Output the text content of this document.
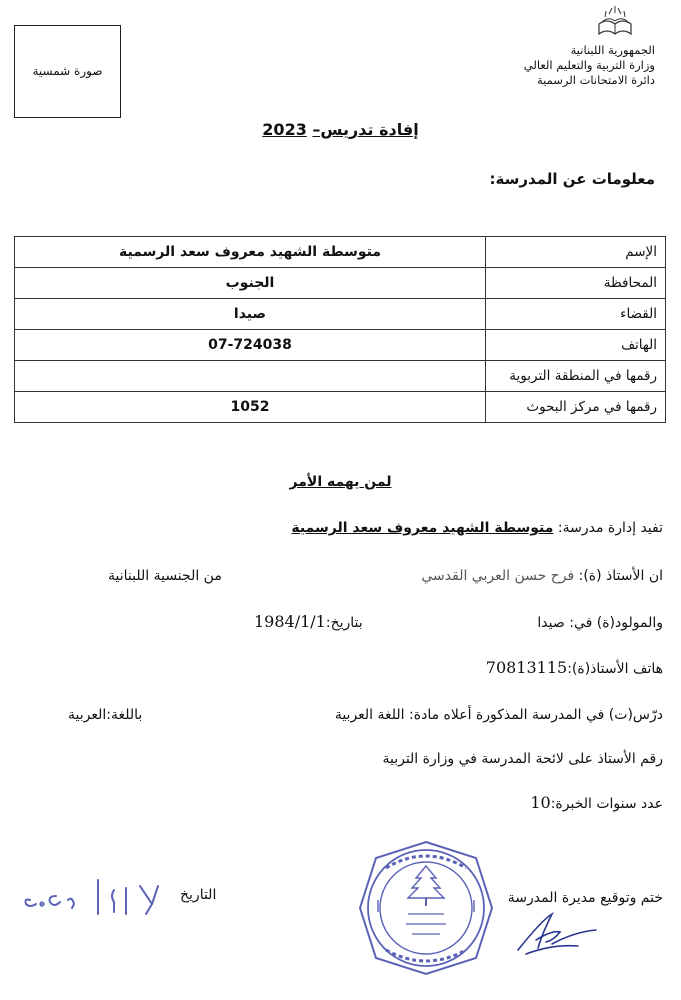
صورة شمسية
الجمهورية اللبنانية
وزارة التربية والتعليم العالي
دائرة الامتحانات الرسمية
إفادة تدريس– 2023
معلومات عن المدرسة:
الإسم	متوسطة الشهيد معروف سعد الرسمية
المحافظة	الجنوب
القضاء	صيدا
الهاتف	07-724038
رقمها في المنطقة التربوية	
رقمها في مركز البحوث	1052
لمن يهمه الأمر
تفيد إدارة مدرسة: متوسطة الشهيد معروف سعد الرسمية
ان الأستاذ (ة): فرح حسن العربي القدسي
من الجنسية اللبنانية
والمولود(ة) في: صيدا
بتاريخ:1984/1/1
هاتف الأستاذ(ة):70813115
درّس(ت) في المدرسة المذكورة أعلاه مادة: اللغة العربية
باللغة:العربية
رقم الأستاذ على لائحة المدرسة في وزارة التربية
عدد سنوات الخبرة:10
ختم وتوقيع مديرة المدرسة
التاريخ
